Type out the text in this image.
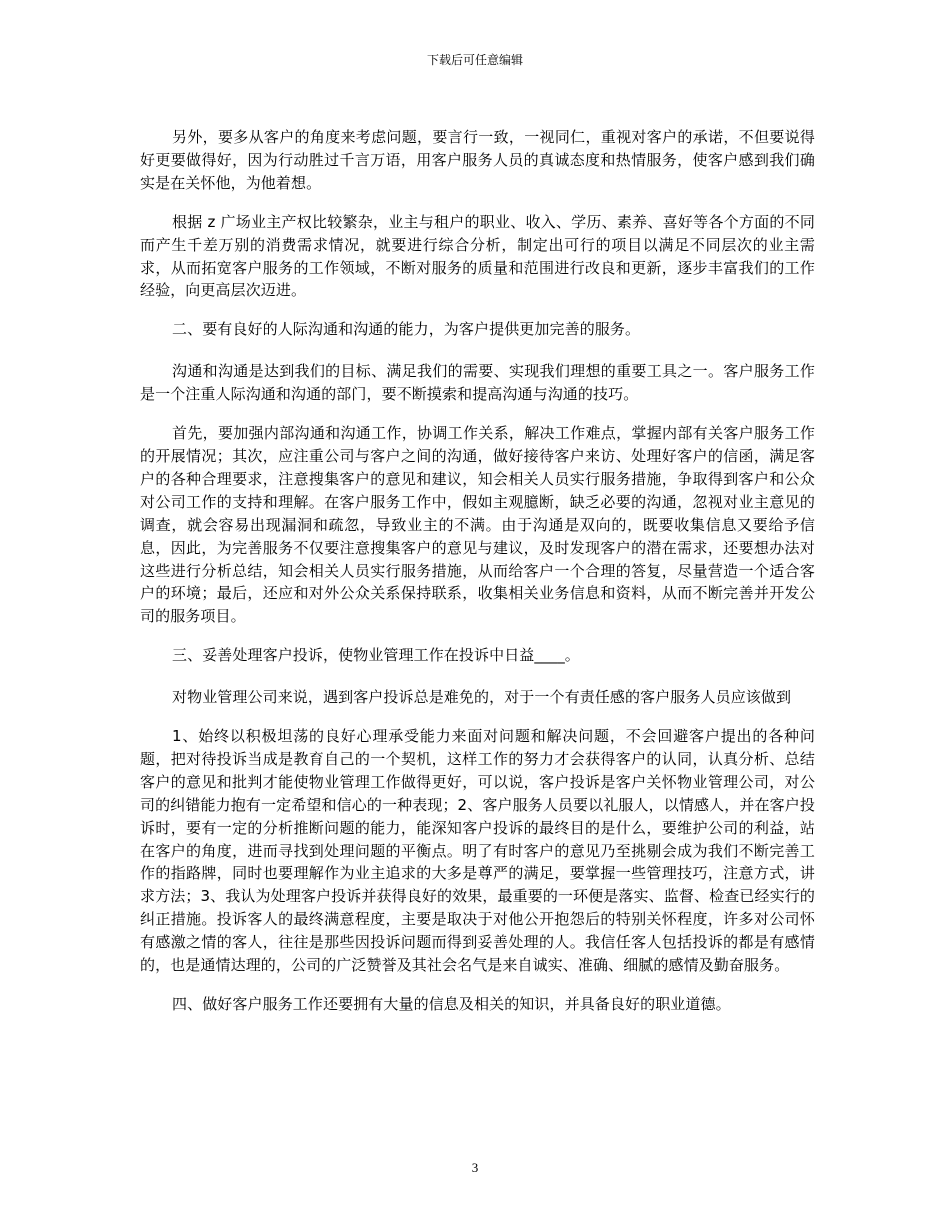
下载后可任意编辑

另外，要多从客户的角度来考虑问题，要言行一致，一视同仁，重视对客户的承诺，不但要说得好更要做得好，因为行动胜过千言万语，用客户服务人员的真诚态度和热情服务，使客户感到我们确实是在关怀他，为他着想。

根据 z 广场业主产权比较繁杂，业主与租户的职业、收入、学历、素养、喜好等各个方面的不同而产生千差万别的消费需求情况，就要进行综合分析，制定出可行的项目以满足不同层次的业主需求，从而拓宽客户服务的工作领域，不断对服务的质量和范围进行改良和更新，逐步丰富我们的工作经验，向更高层次迈进。

二、要有良好的人际沟通和沟通的能力，为客户提供更加完善的服务。

沟通和沟通是达到我们的目标、满足我们的需要、实现我们理想的重要工具之一。客户服务工作是一个注重人际沟通和沟通的部门，要不断摸索和提高沟通与沟通的技巧。

首先，要加强内部沟通和沟通工作，协调工作关系，解决工作难点，掌握内部有关客户服务工作的开展情况；其次，应注重公司与客户之间的沟通，做好接待客户来访、处理好客户的信函，满足客户的各种合理要求，注意搜集客户的意见和建议，知会相关人员实行服务措施，争取得到客户和公众对公司工作的支持和理解。在客户服务工作中，假如主观臆断，缺乏必要的沟通，忽视对业主意见的调查，就会容易出现漏洞和疏忽，导致业主的不满。由于沟通是双向的，既要收集信息又要给予信息，因此，为完善服务不仅要注意搜集客户的意见与建议，及时发现客户的潜在需求，还要想办法对这些进行分析总结，知会相关人员实行服务措施，从而给客户一个合理的答复，尽量营造一个适合客户的环境；最后，还应和对外公众关系保持联系，收集相关业务信息和资料，从而不断完善并开发公司的服务项目。

三、妥善处理客户投诉，使物业管理工作在投诉中日益____。

对物业管理公司来说，遇到客户投诉总是难免的，对于一个有责任感的客户服务人员应该做到

1、始终以积极坦荡的良好心理承受能力来面对问题和解决问题，不会回避客户提出的各种问题，把对待投诉当成是教育自己的一个契机，这样工作的努力才会获得客户的认同，认真分析、总结客户的意见和批判才能使物业管理工作做得更好，可以说，客户投诉是客户关怀物业管理公司，对公司的纠错能力抱有一定希望和信心的一种表现；2、客户服务人员要以礼服人，以情感人，并在客户投诉时，要有一定的分析推断问题的能力，能深知客户投诉的最终目的是什么，要维护公司的利益，站在客户的角度，进而寻找到处理问题的平衡点。明了有时客户的意见乃至挑剔会成为我们不断完善工作的指路牌，同时也要理解作为业主追求的大多是尊严的满足，要掌握一些管理技巧，注意方式，讲求方法；3、我认为处理客户投诉并获得良好的效果，最重要的一环便是落实、监督、检查已经实行的纠正措施。投诉客人的最终满意程度，主要是取决于对他公开抱怨后的特别关怀程度，许多对公司怀有感激之情的客人，往往是那些因投诉问题而得到妥善处理的人。我信任客人包括投诉的都是有感情的，也是通情达理的，公司的广泛赞誉及其社会名气是来自诚实、准确、细腻的感情及勤奋服务。

四、做好客户服务工作还要拥有大量的信息及相关的知识，并具备良好的职业道德。

3
